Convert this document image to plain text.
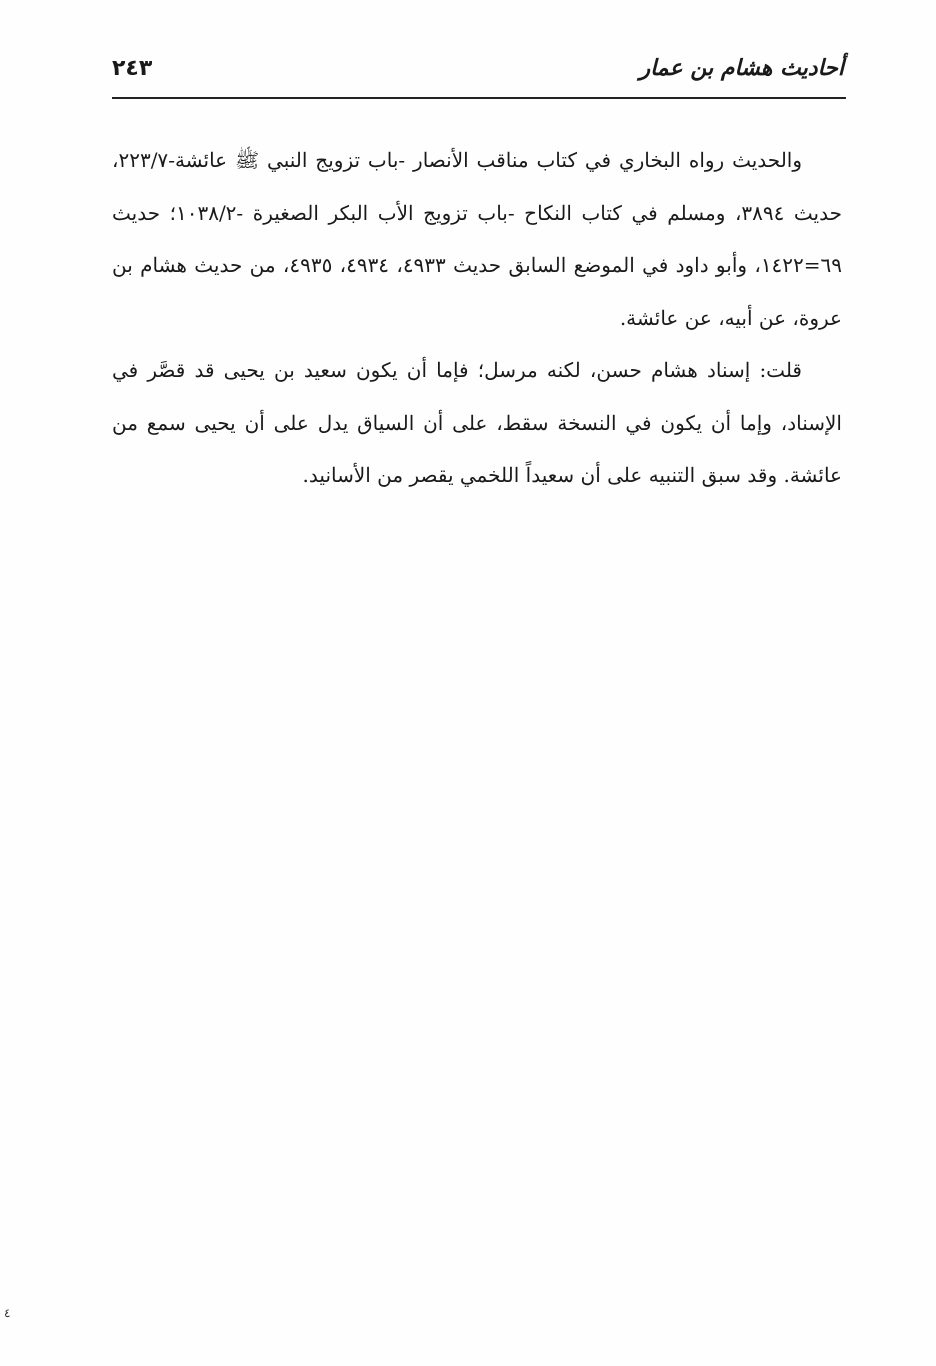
أحاديث هشام بن عمار
٢٤٣

والحديث رواه البخاري في كتاب مناقب الأنصار -باب تزويج النبي ﷺ عائشة-٢٢٣/٧، حديث ٣٨٩٤، ومسلم في كتاب النكاح -باب تزويج الأب البكر الصغيرة -١٠٣٨/٢؛ حديث ٦٩=١٤٢٢، وأبو داود في الموضع السابق حديث ٤٩٣٣، ٤٩٣٤، ٤٩٣٥، من حديث هشام بن عروة، عن أبيه، عن عائشة.

قلت: إسناد هشام حسن، لكنه مرسل؛ فإما أن يكون سعيد بن يحيى قد قصَّر في الإسناد، وإما أن يكون في النسخة سقط، على أن السياق يدل على أن يحيى سمع من عائشة. وقد سبق التنبيه على أن سعيداً اللخمي يقصر من الأسانيد.

٤
